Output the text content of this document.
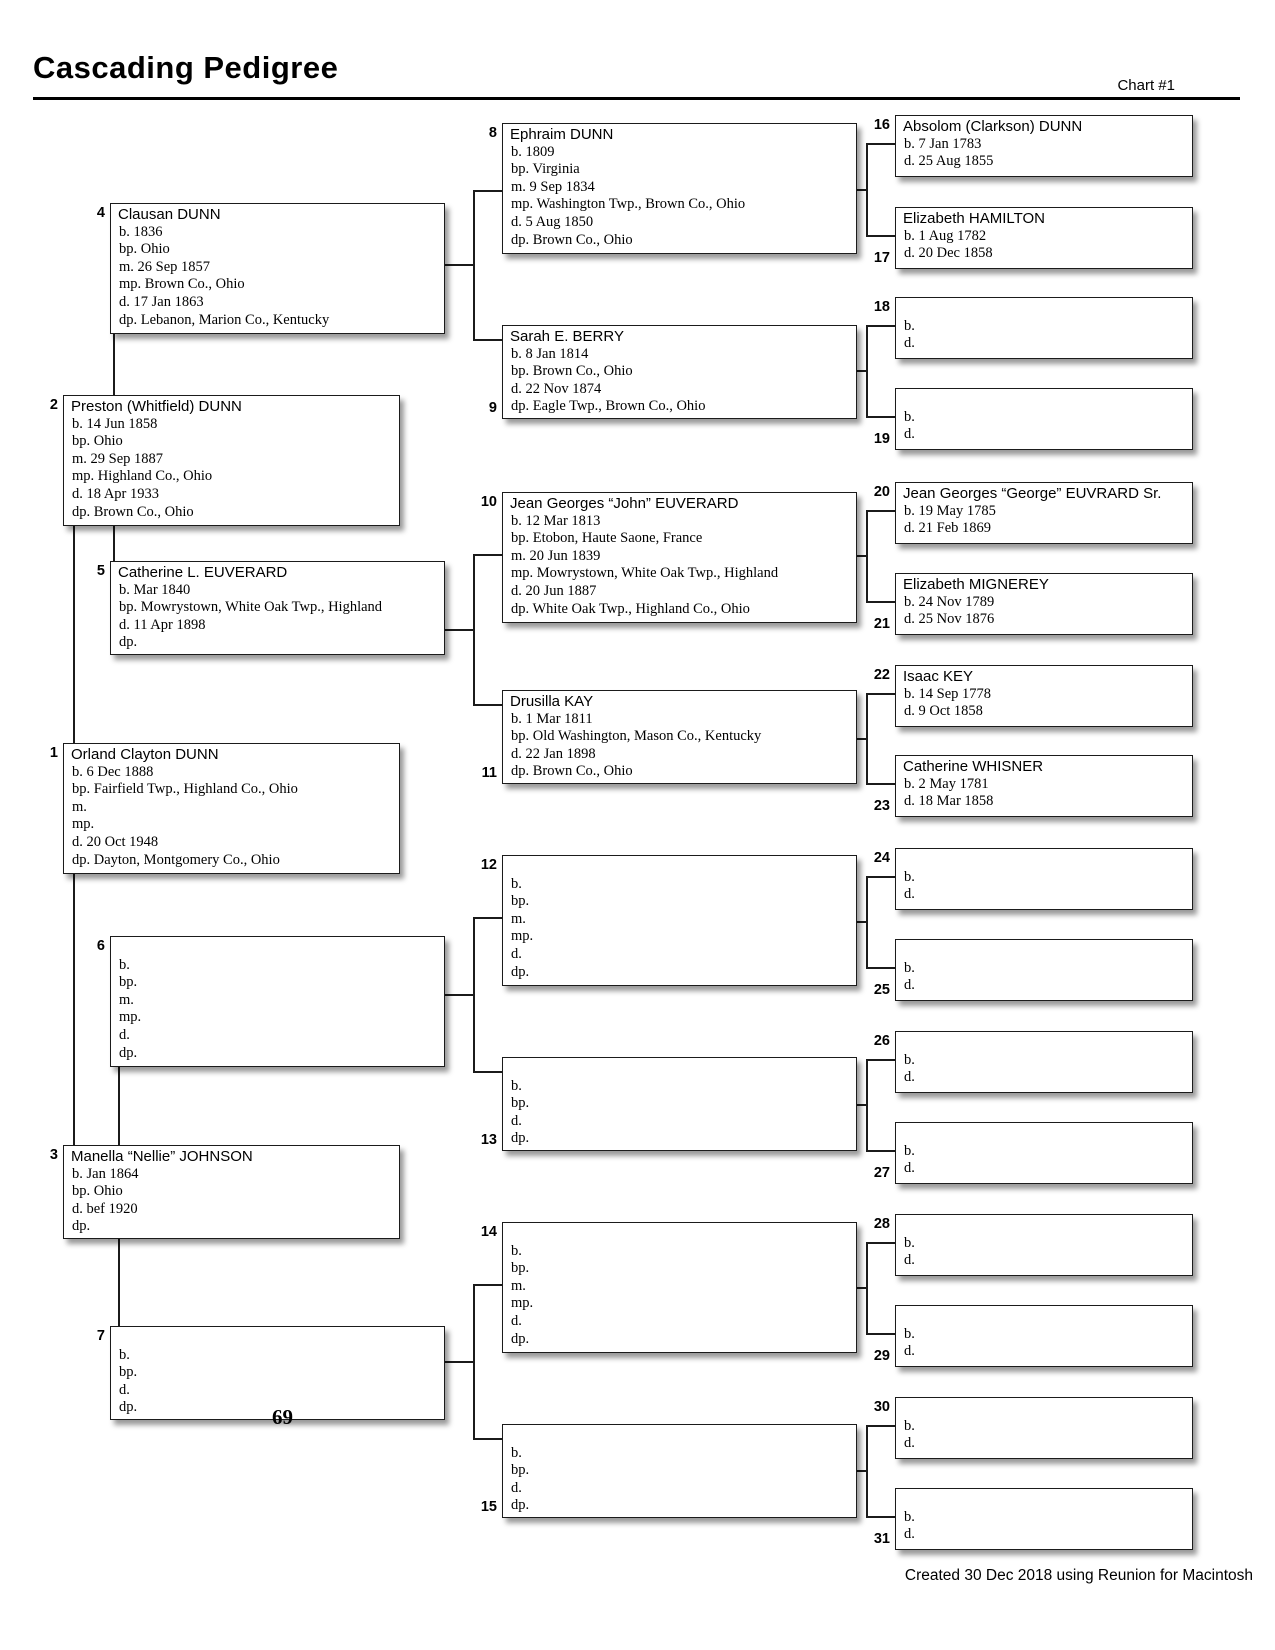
Cascading Pedigree
Chart #1
Orland Clayton DUNN
b. 6 Dec 1888
bp. Fairfield Twp., Highland Co., Ohio
m.
mp.
d. 20 Oct 1948
dp. Dayton, Montgomery Co., Ohio
1
Preston (Whitfield) DUNN
b. 14 Jun 1858
bp. Ohio
m. 29 Sep 1887
mp. Highland Co., Ohio
d. 18 Apr 1933
dp. Brown Co., Ohio
2
Manella “Nellie” JOHNSON
b. Jan 1864
bp. Ohio
d. bef 1920
dp.
3
Clausan DUNN
b. 1836
bp. Ohio
m. 26 Sep 1857
mp. Brown Co., Ohio
d. 17 Jan 1863
dp. Lebanon, Marion Co., Kentucky
4
Catherine L. EUVERARD
b. Mar 1840
bp. Mowrystown, White Oak Twp., Highland
d. 11 Apr 1898
dp.
5
b.
bp.
m.
mp.
d.
dp.
6
b.
bp.
d.
dp.
7
Ephraim DUNN
b. 1809
bp. Virginia
m. 9 Sep 1834
mp. Washington Twp., Brown Co., Ohio
d. 5 Aug 1850
dp. Brown Co., Ohio
8
Sarah E. BERRY
b. 8 Jan 1814
bp. Brown Co., Ohio
d. 22 Nov 1874
dp. Eagle Twp., Brown Co., Ohio
9
Jean Georges “John” EUVERARD
b. 12 Mar 1813
bp. Etobon, Haute Saone, France
m. 20 Jun 1839
mp. Mowrystown, White Oak Twp., Highland
d. 20 Jun 1887
dp. White Oak Twp., Highland Co., Ohio
10
Drusilla KAY
b. 1 Mar 1811
bp. Old Washington, Mason Co., Kentucky
d. 22 Jan 1898
dp. Brown Co., Ohio
11
b.
bp.
m.
mp.
d.
dp.
12
b.
bp.
d.
dp.
13
b.
bp.
m.
mp.
d.
dp.
14
b.
bp.
d.
dp.
15
Absolom (Clarkson) DUNN
b. 7 Jan 1783
d. 25 Aug 1855
16
Elizabeth HAMILTON
b. 1 Aug 1782
d. 20 Dec 1858
17
b.
d.
18
b.
d.
19
Jean Georges “George” EUVRARD Sr.
b. 19 May 1785
d. 21 Feb 1869
20
Elizabeth MIGNEREY
b. 24 Nov 1789
d. 25 Nov 1876
21
Isaac KEY
b. 14 Sep 1778
d. 9 Oct 1858
22
Catherine WHISNER
b. 2 May 1781
d. 18 Mar 1858
23
b.
d.
24
b.
d.
25
b.
d.
26
b.
d.
27
b.
d.
28
b.
d.
29
b.
d.
30
b.
d.
31
69
Created 30 Dec 2018 using Reunion for Macintosh
